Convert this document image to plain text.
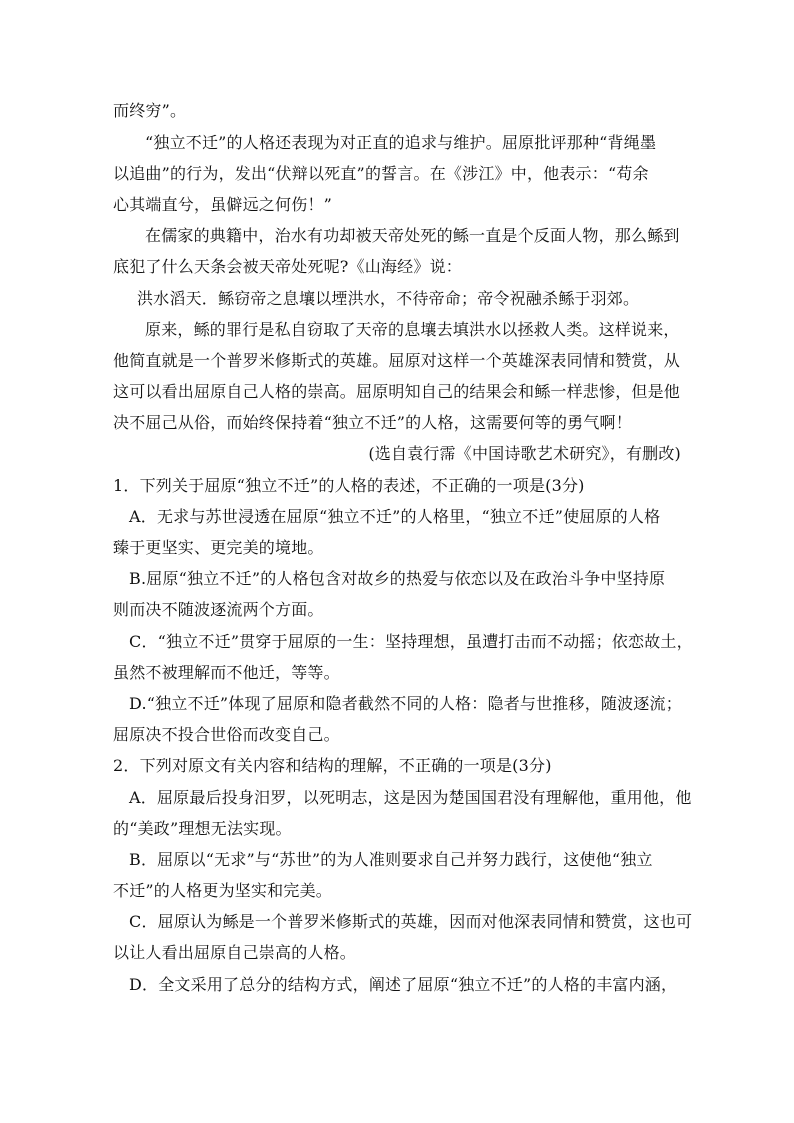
而终穷”。
“独立不迁”的人格还表现为对正直的追求与维护。屈原批评那种“背绳墨
以追曲”的行为，发出“伏辩以死直”的誓言。在《涉江》中，他表示：“苟余
心其端直兮，虽僻远之何伤！”
在儒家的典籍中，治水有功却被天帝处死的鲧一直是个反面人物，那么鲧到
底犯了什么天条会被天帝处死呢?《山海经》说：
洪水滔天．鲧窃帝之息壤以堙洪水，不待帝命；帝令祝融杀鲧于羽郊。
原来，鲧的罪行是私自窃取了天帝的息壤去填洪水以拯救人类。这样说来，
他简直就是一个普罗米修斯式的英雄。屈原对这样一个英雄深表同情和赞赏，从
这可以看出屈原自己人格的崇高。屈原明知自己的结果会和鲧一样悲惨，但是他
决不屈己从俗，而始终保持着“独立不迁”的人格，这需要何等的勇气啊！
(选自袁行霈《中国诗歌艺术研究》，有删改)
1．下列关于屈原“独立不迁”的人格的表述，不正确的一项是(3分)
A．无求与苏世浸透在屈原“独立不迁”的人格里，“独立不迁”使屈原的人格
臻于更坚实、更完美的境地。
B.屈原“独立不迁”的人格包含对故乡的热爱与依恋以及在政治斗争中坚持原
则而决不随波逐流两个方面。
C．“独立不迁”贯穿于屈原的一生：坚持理想，虽遭打击而不动摇；依恋故土，
虽然不被理解而不他迁，等等。
D.“独立不迁”体现了屈原和隐者截然不同的人格：隐者与世推移，随波逐流；
屈原决不投合世俗而改变自己。
2．下列对原文有关内容和结构的理解，不正确的一项是(3分)
A．屈原最后投身汨罗，以死明志，这是因为楚国国君没有理解他，重用他，他
的“美政”理想无法实现。
B．屈原以“无求”与“苏世”的为人准则要求自己并努力践行，这使他“独立
不迁”的人格更为坚实和完美。
C．屈原认为鲧是一个普罗米修斯式的英雄，因而对他深表同情和赞赏，这也可
以让人看出屈原自己崇高的人格。
D．全文采用了总分的结构方式，阐述了屈原“独立不迁”的人格的丰富内涵，
